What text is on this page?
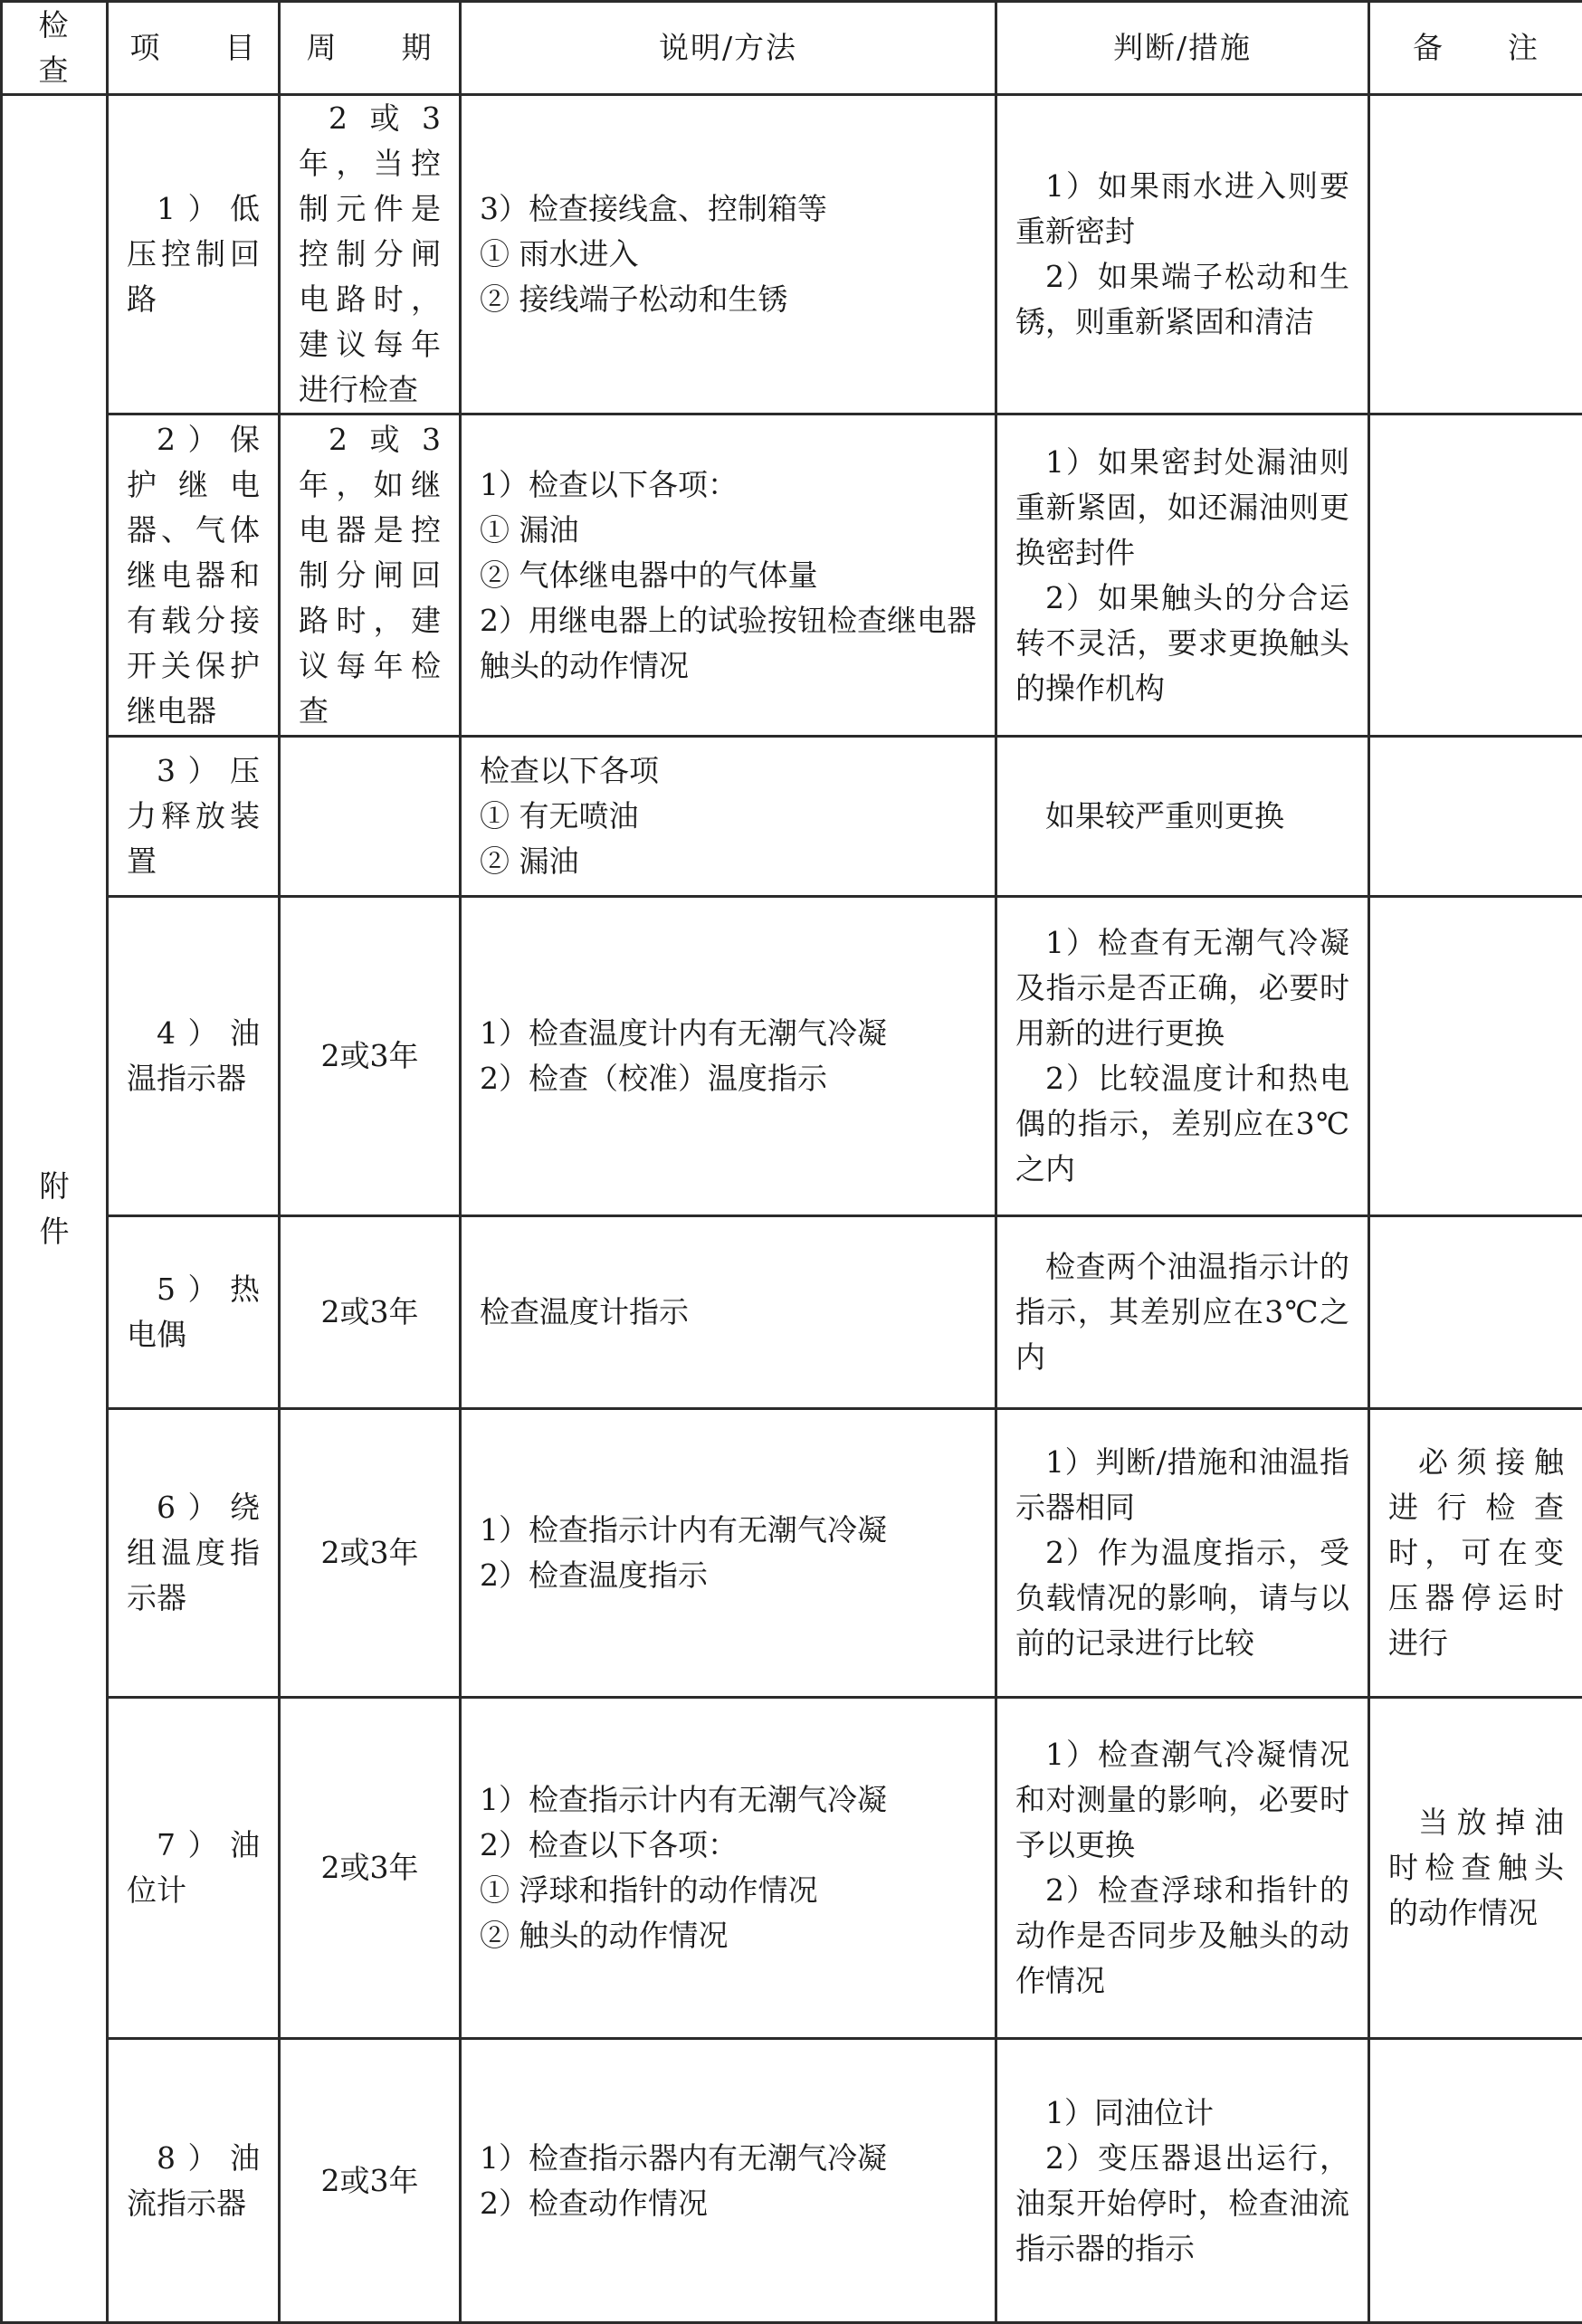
检　查	项　　目	周　　期	说明/方法	判断/措施	备　　注
附件	1）低压控制回路	2或3年，当控制元件是控制分闸电路时，建议每年进行检查	3）检查接线盒、控制箱等
① 雨水进入
② 接线端子松动和生锈	1）如果雨水进入则要重新密封
2）如果端子松动和生锈，则重新紧固和清洁	

	2）保护继电器、气体继电器和有载分接开关保护继电器	2或3年，如继电器是控制分闸回路时，建议每年检查	1）检查以下各项：
① 漏油
② 气体继电器中的气体量
2）用继电器上的试验按钮检查继电器触头的动作情况	1）如果密封处漏油则重新紧固，如还漏油则更换密封件
2）如果触头的分合运转不灵活，要求更换触头的操作机构	

	3）压力释放装置		检查以下各项
① 有无喷油
② 漏油	如果较严重则更换	

	4）油温指示器	2或3年	1）检查温度计内有无潮气冷凝
2）检查（校准）温度指示	1）检查有无潮气冷凝及指示是否正确，必要时用新的进行更换
2）比较温度计和热电偶的指示，差别应在3℃之内	

	5）热电偶	2或3年	检查温度计指示	检查两个油温指示计的指示，其差别应在3℃之内	

	6）绕组温度指示器	2或3年	1）检查指示计内有无潮气冷凝
2）检查温度指示	1）判断/措施和油温指示器相同
2）作为温度指示，受负载情况的影响，请与以前的记录进行比较	必须接触进行检查时，可在变压器停运时进行
	7）油位计	2或3年	1）检查指示计内有无潮气冷凝
2）检查以下各项：
① 浮球和指针的动作情况
② 触头的动作情况	1）检查潮气冷凝情况和对测量的影响，必要时予以更换
2）检查浮球和指针的动作是否同步及触头的动作情况	当放掉油时检查触头的动作情况
	8）油流指示器	2或3年	1）检查指示器内有无潮气冷凝
2）检查动作情况	1）同油位计
2）变压器退出运行，油泵开始停时，检查油流指示器的指示	
